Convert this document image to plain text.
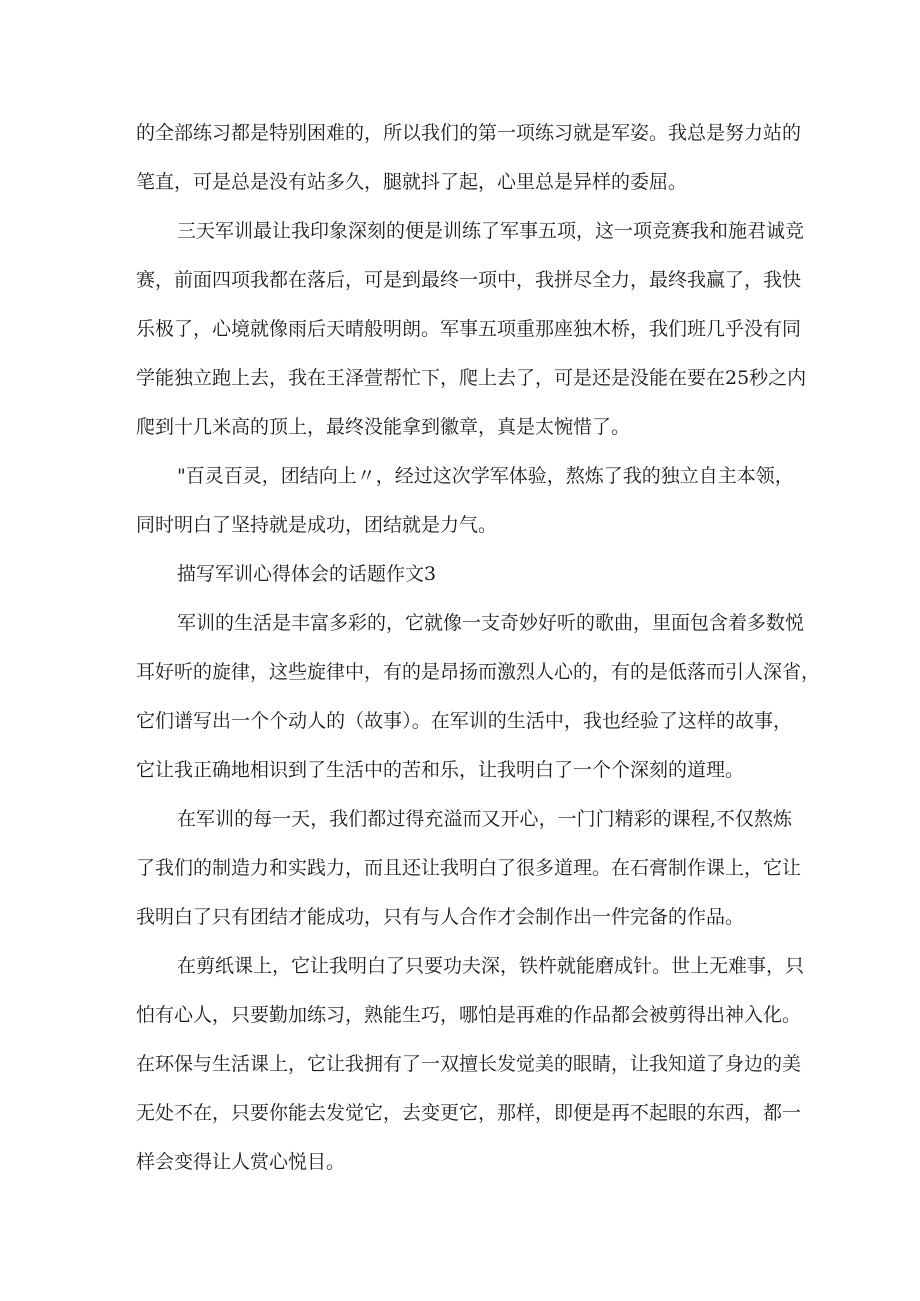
的全部练习都是特别困难的，所以我们的第一项练习就是军姿。我总是努力站的
笔直，可是总是没有站多久，腿就抖了起，心里总是异样的委屈。
三天军训最让我印象深刻的便是训练了军事五项，这一项竞赛我和施君诚竞
赛，前面四项我都在落后，可是到最终一项中，我拼尽全力，最终我赢了，我快
乐极了，心境就像雨后天晴般明朗。军事五项重那座独木桥，我们班几乎没有同
学能独立跑上去，我在王泽萱帮忙下，爬上去了，可是还是没能在要在25秒之内
爬到十几米高的顶上，最终没能拿到徽章，真是太惋惜了。
"百灵百灵，团结向上〃，经过这次学军体验，熬炼了我的独立自主本领，
同时明白了坚持就是成功，团结就是力气。
描写军训心得体会的话题作文3
军训的生活是丰富多彩的，它就像一支奇妙好听的歌曲，里面包含着多数悦
耳好听的旋律，这些旋律中，有的是昂扬而激烈人心的，有的是低落而引人深省，
它们谱写出一个个动人的（故事）。在军训的生活中，我也经验了这样的故事，
它让我正确地相识到了生活中的苦和乐，让我明白了一个个深刻的道理。
在军训的每一天，我们都过得充溢而又开心，一门门精彩的课程,不仅熬炼
了我们的制造力和实践力，而且还让我明白了很多道理。在石膏制作课上，它让
我明白了只有团结才能成功，只有与人合作才会制作出一件完备的作品。
在剪纸课上，它让我明白了只要功夫深，铁杵就能磨成针。世上无难事，只
怕有心人，只要勤加练习，熟能生巧，哪怕是再难的作品都会被剪得出神入化。
在环保与生活课上，它让我拥有了一双擅长发觉美的眼睛，让我知道了身边的美
无处不在，只要你能去发觉它，去变更它，那样，即便是再不起眼的东西，都一
样会变得让人赏心悦目。
